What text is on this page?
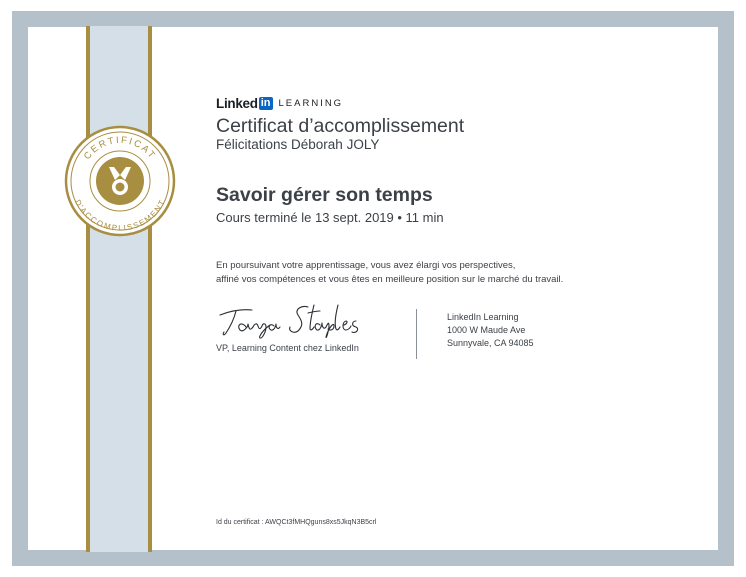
CERTIFICAT
D'ACCOMPLISSEMENT
Linked in LEARNING
Certificat d’accomplissement
Félicitations Déborah JOLY
Savoir gérer son temps
Cours terminé le 13 sept. 2019 • 11 min
En poursuivant votre apprentissage, vous avez élargi vos perspectives,
affiné vos compétences et vous êtes en meilleure position sur le marché du travail.
VP, Learning Content chez LinkedIn
LinkedIn Learning
1000 W Maude Ave
Sunnyvale, CA 94085
Id du certificat : AWQCt3fMHQguns8xs5JkqN3B5crl
